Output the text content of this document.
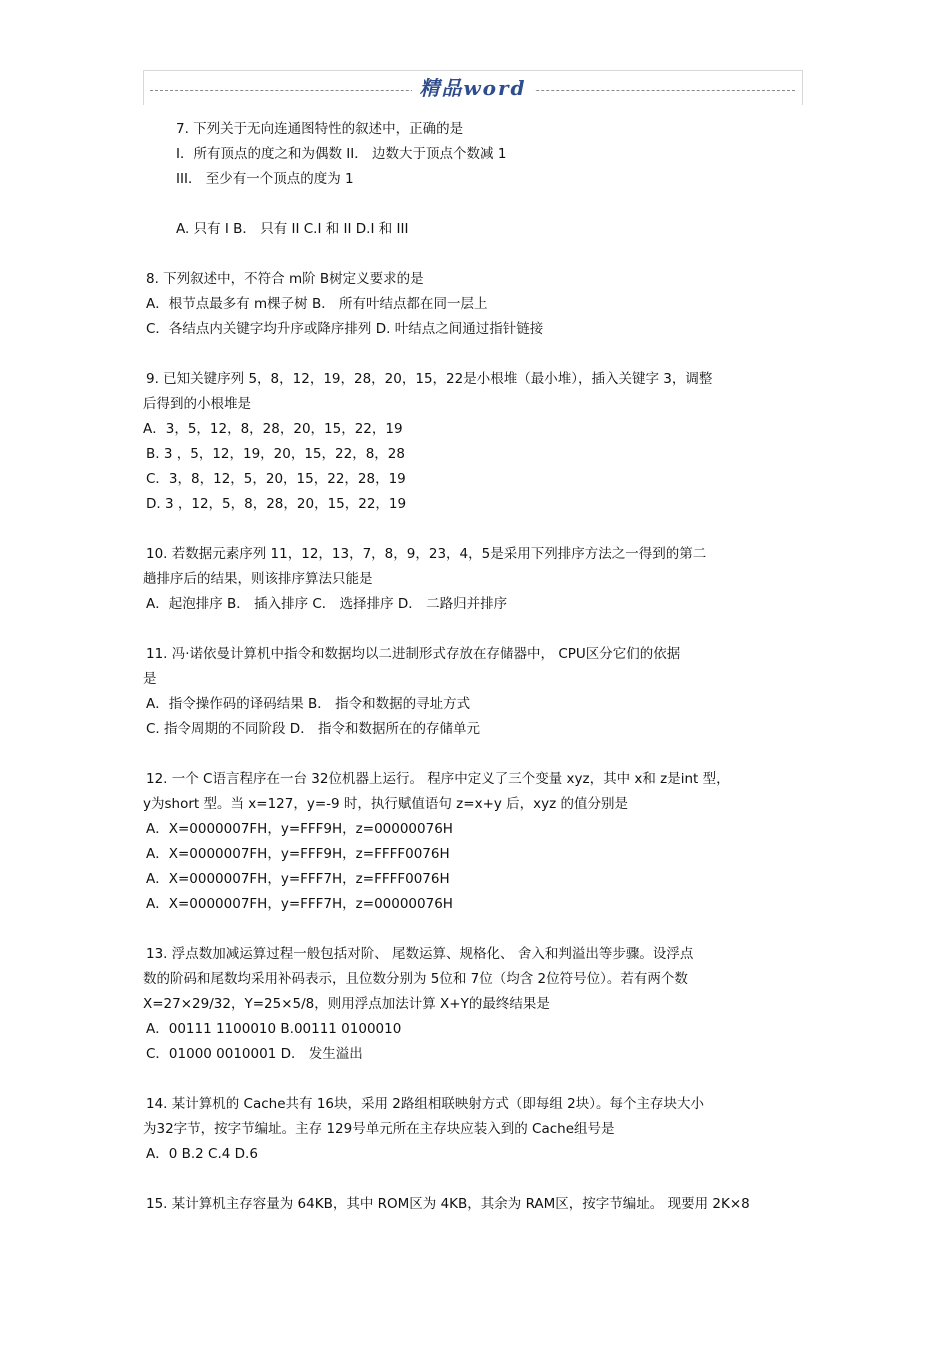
精品word
7. 下列关于无向连通图特性的叙述中，正确的是
I．所有顶点的度之和为偶数 II． 边数大于顶点个数减 1
III． 至少有一个顶点的度为 1
A. 只有 I B． 只有 II C.I 和 II D.I 和 III
8. 下列叙述中，不符合 m阶 B树定义要求的是
A．根节点最多有 m棵子树 B． 所有叶结点都在同一层上
C．各结点内关键字均升序或降序排列 D. 叶结点之间通过指针链接
9. 已知关键序列 5，8，12，19，28，20，15，22是小根堆（最小堆），插入关键字 3，调整
后得到的小根堆是
A．3，5，12，8，28，20，15，22，19
B. 3 ，5，12，19，20，15，22，8，28
C．3，8，12，5，20，15，22，28，19
D. 3 ，12，5，8，28，20，15，22，19
10. 若数据元素序列 11，12，13，7，8，9，23，4，5是采用下列排序方法之一得到的第二
趟排序后的结果，则该排序算法只能是
A．起泡排序 B． 插入排序 C． 选择排序 D． 二路归并排序
11. 冯·诺依曼计算机中指令和数据均以二进制形式存放在存储器中， CPU区分它们的依据
是
A．指令操作码的译码结果 B． 指令和数据的寻址方式
C. 指令周期的不同阶段 D． 指令和数据所在的存储单元
12. 一个 C语言程序在一台 32位机器上运行。 程序中定义了三个变量 xyz，其中 x和 z是int 型，
y为short 型。当 x=127，y=-9 时，执行赋值语句 z=x+y 后，xyz 的值分别是
A．X=0000007FH，y=FFF9H，z=00000076H
A．X=0000007FH，y=FFF9H，z=FFFF0076H
A．X=0000007FH，y=FFF7H，z=FFFF0076H
A．X=0000007FH，y=FFF7H，z=00000076H
13. 浮点数加减运算过程一般包括对阶、 尾数运算、规格化、 舍入和判溢出等步骤。设浮点
数的阶码和尾数均采用补码表示，且位数分别为 5位和 7位（均含 2位符号位）。若有两个数
X=27×29/32，Y=25×5/8，则用浮点加法计算 X+Y的最终结果是
A．00111 1100010 B.00111 0100010
C．01000 0010001 D． 发生溢出
14. 某计算机的 Cache共有 16块，采用 2路组相联映射方式（即每组 2块）。每个主存块大小
为32字节，按字节编址。主存 129号单元所在主存块应装入到的 Cache组号是
A．0 B.2 C.4 D.6
15. 某计算机主存容量为 64KB，其中 ROM区为 4KB，其余为 RAM区，按字节编址。 现要用 2K×8
